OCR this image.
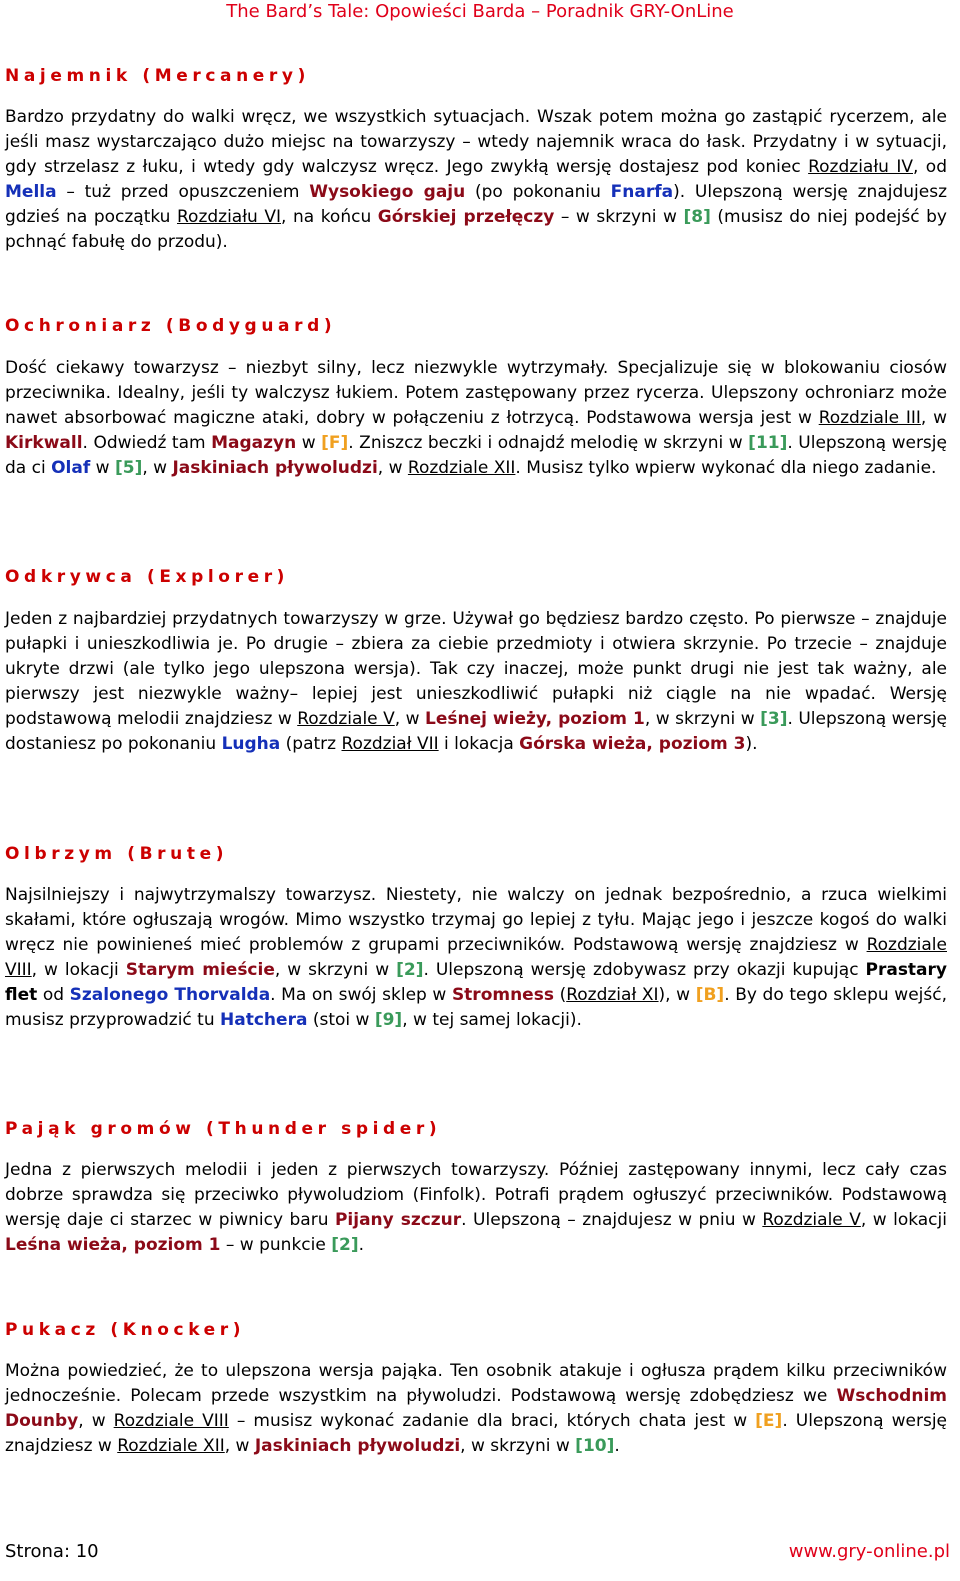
The Bard’s Tale: Opowieści Barda – Poradnik GRY-OnLine
Najemnik (Mercanery)
Bardzo przydatny do walki wręcz, we wszystkich sytuacjach. Wszak potem można go zastąpić rycerzem, ale jeśli masz wystarczająco dużo miejsc na towarzyszy – wtedy najemnik wraca do łask. Przydatny i w sytuacji, gdy strzelasz z łuku, i wtedy gdy walczysz wręcz. Jego zwykłą wersję dostajesz pod koniec Rozdziału IV, od Mella – tuż przed opuszczeniem Wysokiego gaju (po pokonaniu Fnarfa). Ulepszoną wersję znajdujesz gdzieś na początku Rozdziału VI, na końcu Górskiej przełęczy – w skrzyni w [8] (musisz do niej podejść by pchnąć fabułę do przodu).
Ochroniarz (Bodyguard)
Dość ciekawy towarzysz – niezbyt silny, lecz niezwykle wytrzymały. Specjalizuje się w blokowaniu ciosów przeciwnika. Idealny, jeśli ty walczysz łukiem. Potem zastępowany przez rycerza. Ulepszony ochroniarz może nawet absorbować magiczne ataki, dobry w połączeniu z łotrzycą. Podstawowa wersja jest w Rozdziale III, w Kirkwall. Odwiedź tam Magazyn w [F]. Zniszcz beczki i odnajdź melodię w skrzyni w [11]. Ulepszoną wersję da ci Olaf w [5], w Jaskiniach pływoludzi, w Rozdziale XII. Musisz tylko wpierw wykonać dla niego zadanie.
Odkrywca (Explorer)
Jeden z najbardziej przydatnych towarzyszy w grze. Używał go będziesz bardzo często. Po pierwsze – znajduje pułapki i unieszkodliwia je. Po drugie – zbiera za ciebie przedmioty i otwiera skrzynie. Po trzecie – znajduje ukryte drzwi (ale tylko jego ulepszona wersja). Tak czy inaczej, może punkt drugi nie jest tak ważny, ale pierwszy jest niezwykle ważny– lepiej jest unieszkodliwić pułapki niż ciągle na nie wpadać. Wersję podstawową melodii znajdziesz w Rozdziale V, w Leśnej wieży, poziom 1, w skrzyni w [3]. Ulepszoną wersję dostaniesz po pokonaniu Lugha (patrz Rozdział VII i lokacja Górska wieża, poziom 3).
Olbrzym (Brute)
Najsilniejszy i najwytrzymalszy towarzysz. Niestety, nie walczy on jednak bezpośrednio, a rzuca wielkimi skałami, które ogłuszają wrogów. Mimo wszystko trzymaj go lepiej z tyłu. Mając jego i jeszcze kogoś do walki wręcz nie powinieneś mieć problemów z grupami przeciwników. Podstawową wersję znajdziesz w Rozdziale VIII, w lokacji Starym mieście, w skrzyni w [2]. Ulepszoną wersję zdobywasz przy okazji kupując Prastary flet od Szalonego Thorvalda. Ma on swój sklep w Stromness (Rozdział XI), w [B]. By do tego sklepu wejść, musisz przyprowadzić tu Hatchera (stoi w [9], w tej samej lokacji).
Pająk gromów (Thunder spider)
Jedna z pierwszych melodii i jeden z pierwszych towarzyszy. Później zastępowany innymi, lecz cały czas dobrze sprawdza się przeciwko pływoludziom (Finfolk). Potrafi prądem ogłuszyć przeciwników. Podstawową wersję daje ci starzec w piwnicy baru Pijany szczur. Ulepszoną – znajdujesz w pniu w Rozdziale V, w lokacji Leśna wieża, poziom 1 – w punkcie [2].
Pukacz (Knocker)
Można powiedzieć, że to ulepszona wersja pająka. Ten osobnik atakuje i ogłusza prądem kilku przeciwników jednocześnie. Polecam przede wszystkim na pływoludzi. Podstawową wersję zdobędziesz we Wschodnim Dounby, w Rozdziale VIII – musisz wykonać zadanie dla braci, których chata jest w [E]. Ulepszoną wersję znajdziesz w Rozdziale XII, w Jaskiniach pływoludzi, w skrzyni w [10].
Strona: 10	www.gry-online.pl
